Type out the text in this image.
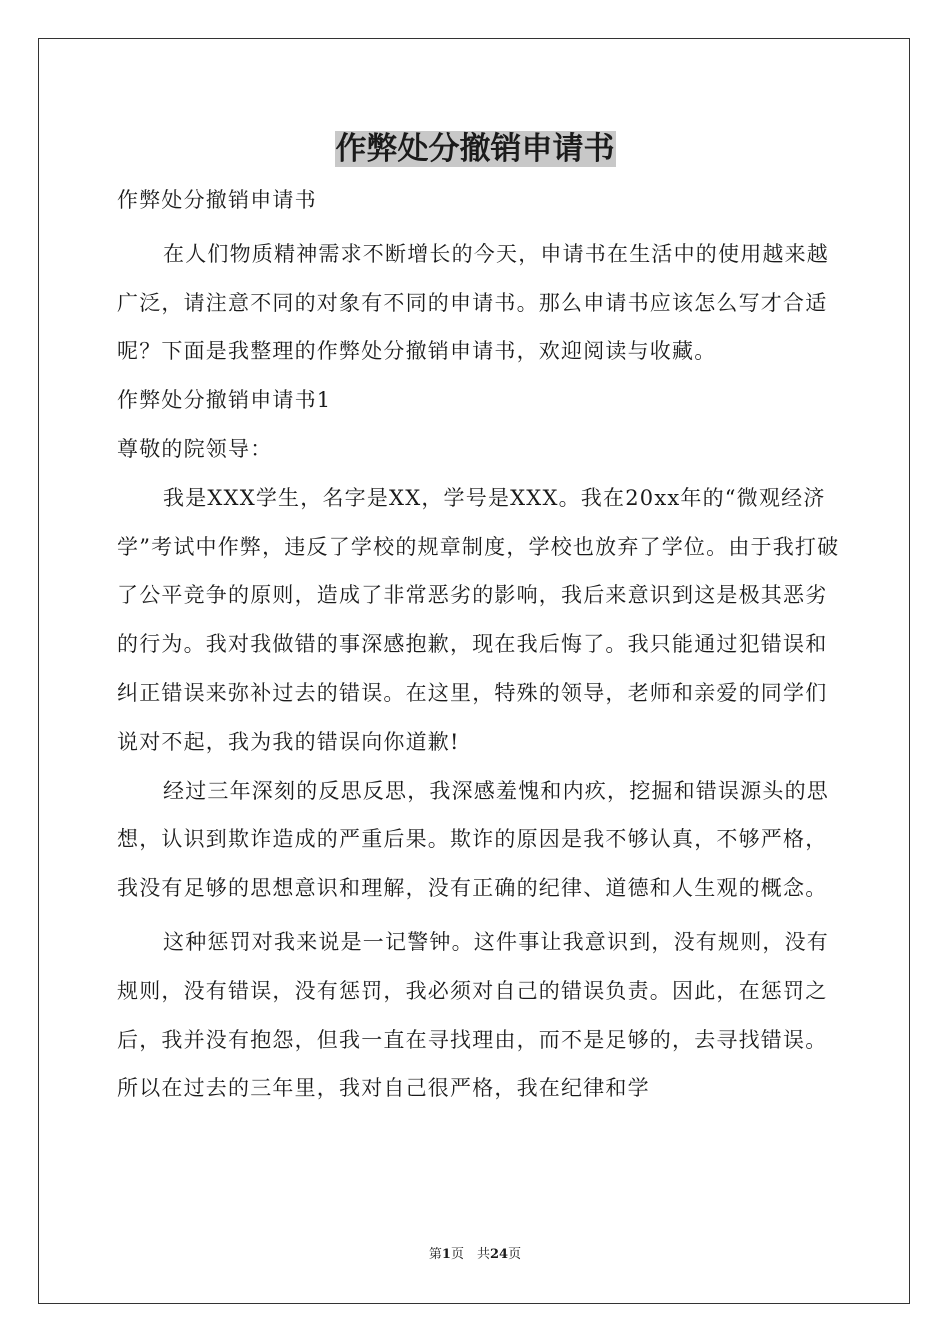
作弊处分撤销申请书

作弊处分撤销申请书

在人们物质精神需求不断增长的今天，申请书在生活中的使用越来越广泛，请注意不同的对象有不同的申请书。那么申请书应该怎么写才合适呢？下面是我整理的作弊处分撤销申请书，欢迎阅读与收藏。

作弊处分撤销申请书1

尊敬的院领导：

我是XXX学生，名字是XX，学号是XXX。我在20xx年的“微观经济学”考试中作弊，违反了学校的规章制度，学校也放弃了学位。由于我打破了公平竞争的原则，造成了非常恶劣的影响，我后来意识到这是极其恶劣的行为。我对我做错的事深感抱歉，现在我后悔了。我只能通过犯错误和纠正错误来弥补过去的错误。在这里，特殊的领导，老师和亲爱的同学们说对不起，我为我的错误向你道歉!

经过三年深刻的反思反思，我深感羞愧和内疚，挖掘和错误源头的思想，认识到欺诈造成的严重后果。欺诈的原因是我不够认真，不够严格，我没有足够的思想意识和理解，没有正确的纪律、道德和人生观的概念。

这种惩罚对我来说是一记警钟。这件事让我意识到，没有规则，没有规则，没有错误，没有惩罚，我必须对自己的错误负责。因此，在惩罚之后，我并没有抱怨，但我一直在寻找理由，而不是足够的，去寻找错误。所以在过去的三年里，我对自己很严格，我在纪律和学

第1页　共24页
